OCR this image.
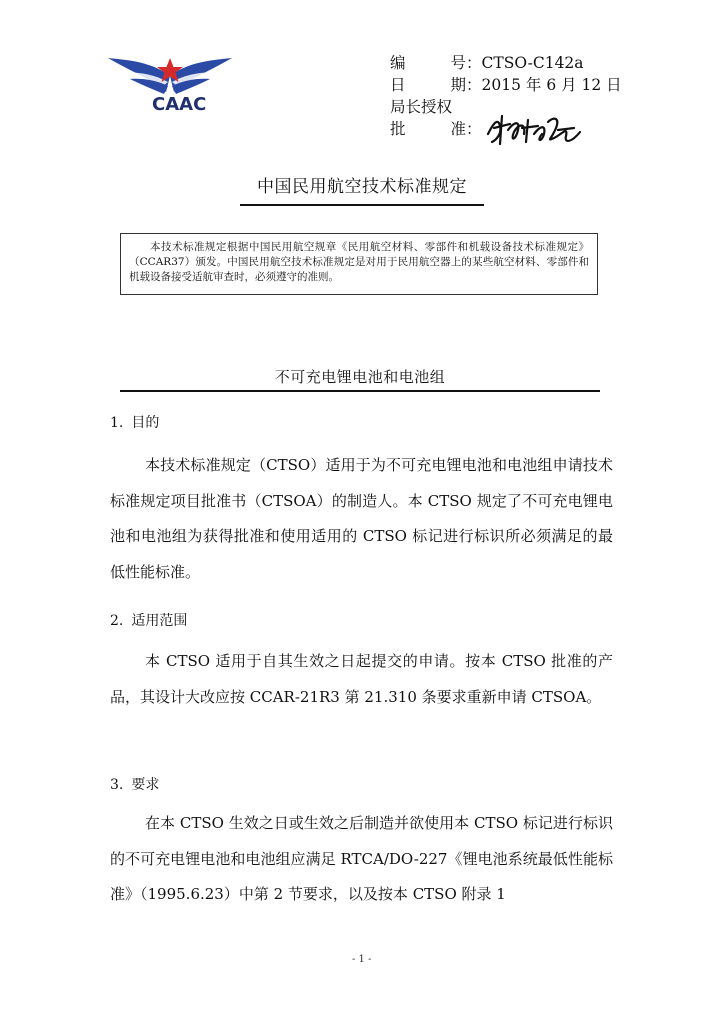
CAAC
编　号 ： CTSO-C142a
日　期 ： 2015 年 6 月 12 日
局长授权
批　准 ：
中国民用航空技术标准规定
本技术标准规定根据中国民用航空规章《民用航空材料、零部件和机载设备技术标准规定》（CCAR37）颁发。中国民用航空技术标准规定是对用于民用航空器上的某些航空材料、零部件和机载设备接受适航审查时，必须遵守的准则。
不可充电锂电池和电池组
1. 目的
本技术标准规定（CTSO）适用于为不可充电锂电池和电池组申请技术标准规定项目批准书（CTSOA）的制造人。本 CTSO 规定了不可充电锂电池和电池组为获得批准和使用适用的 CTSO 标记进行标识所必须满足的最低性能标准。
2. 适用范围
本 CTSO 适用于自其生效之日起提交的申请。按本 CTSO 批准的产品，其设计大改应按 CCAR-21R3 第 21.310 条要求重新申请 CTSOA。
3. 要求
在本 CTSO 生效之日或生效之后制造并欲使用本 CTSO 标记进行标识的不可充电锂电池和电池组应满足 RTCA/DO-227《锂电池系统最低性能标准》（1995.6.23）中第 2 节要求，以及按本 CTSO 附录 1
- 1 -
